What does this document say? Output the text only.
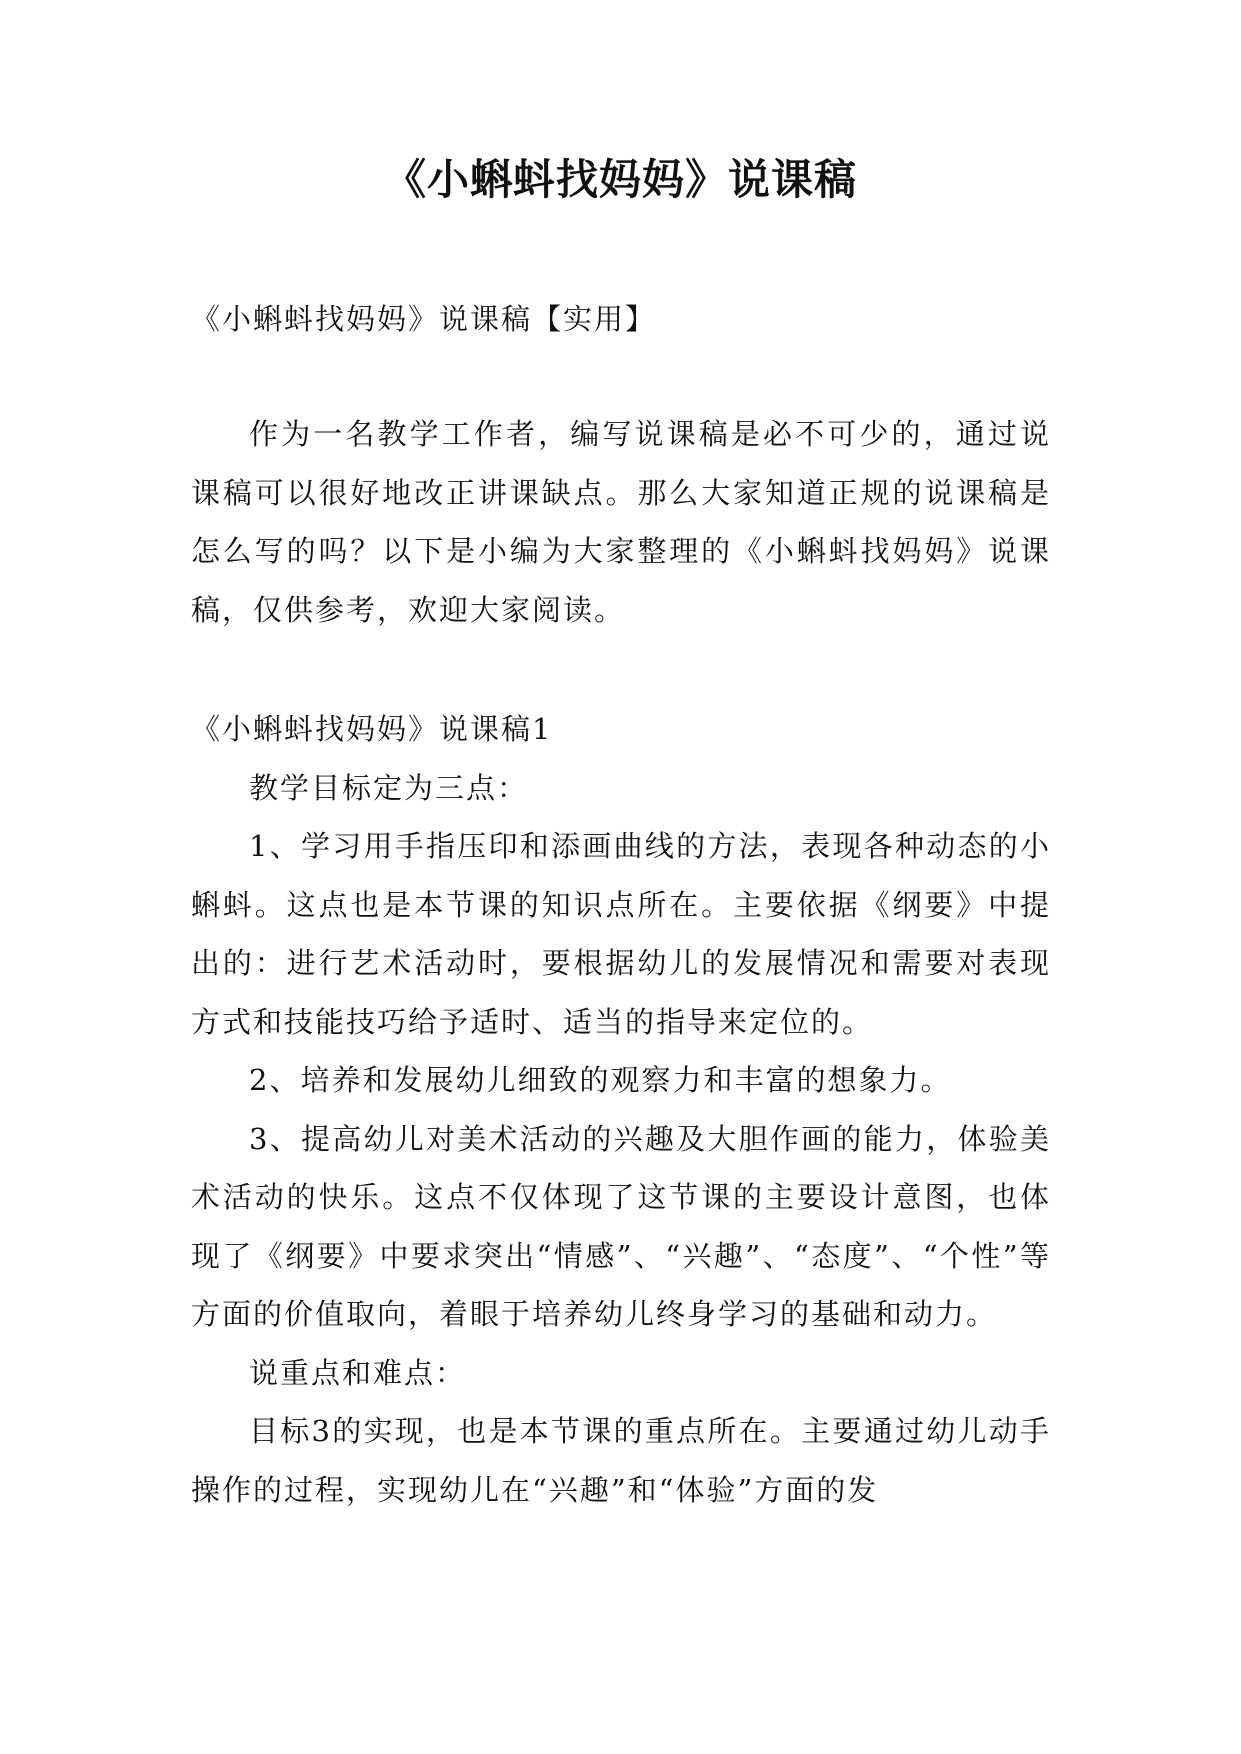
《小蝌蚪找妈妈》说课稿

《小蝌蚪找妈妈》说课稿【实用】

作为一名教学工作者，编写说课稿是必不可少的，通过说课稿可以很好地改正讲课缺点。那么大家知道正规的说课稿是怎么写的吗？以下是小编为大家整理的《小蝌蚪找妈妈》说课稿，仅供参考，欢迎大家阅读。

《小蝌蚪找妈妈》说课稿1

教学目标定为三点：

1、学习用手指压印和添画曲线的方法，表现各种动态的小蝌蚪。这点也是本节课的知识点所在。主要依据《纲要》中提出的：进行艺术活动时，要根据幼儿的发展情况和需要对表现方式和技能技巧给予适时、适当的指导来定位的。

2、培养和发展幼儿细致的观察力和丰富的想象力。

3、提高幼儿对美术活动的兴趣及大胆作画的能力，体验美术活动的快乐。这点不仅体现了这节课的主要设计意图，也体现了《纲要》中要求突出“情感”、“兴趣”、“态度”、“个性”等方面的价值取向，着眼于培养幼儿终身学习的基础和动力。

说重点和难点：

目标3的实现，也是本节课的重点所在。主要通过幼儿动手操作的过程，实现幼儿在“兴趣”和“体验”方面的发
